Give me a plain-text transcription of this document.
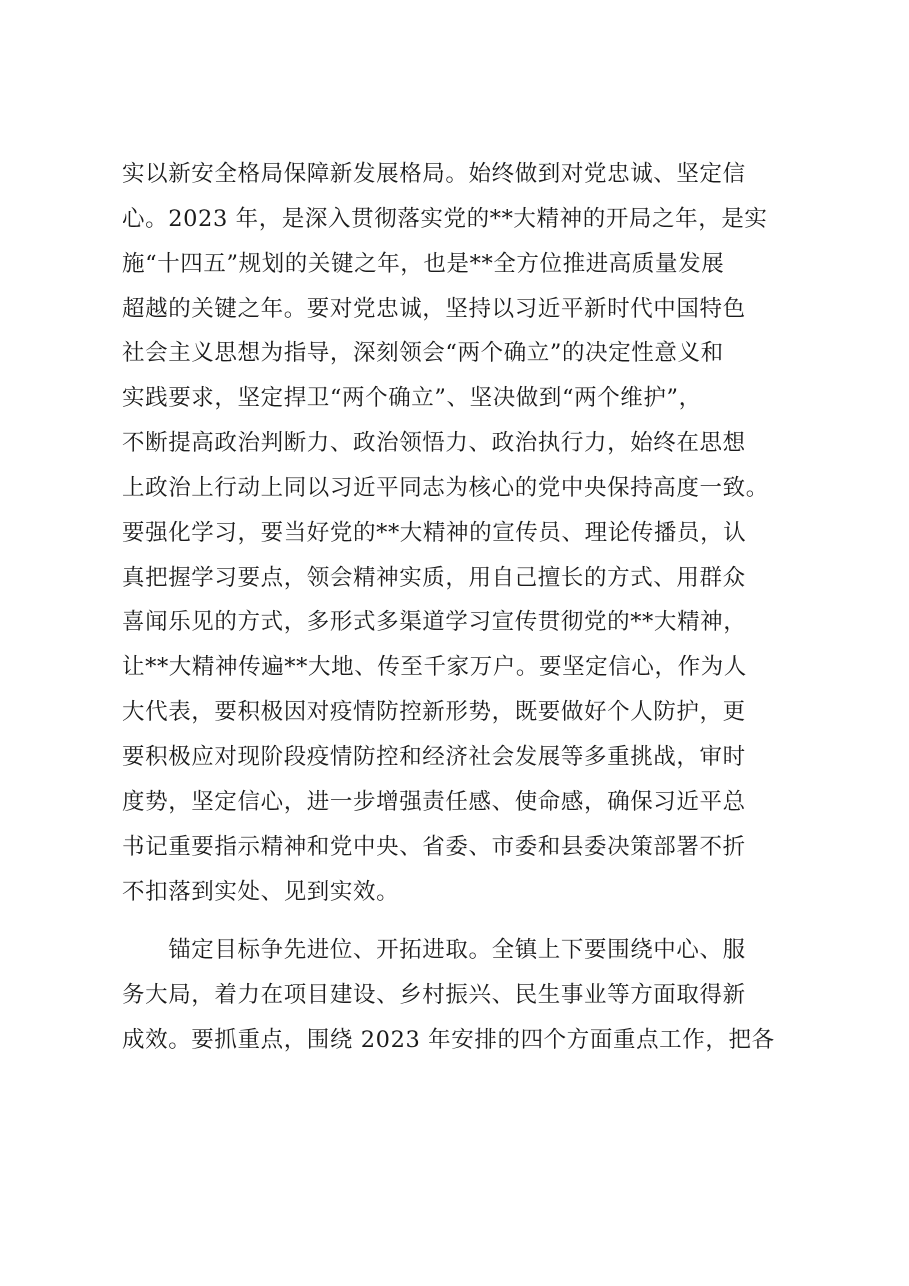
实以新安全格局保障新发展格局。始终做到对党忠诚、坚定信
心。2023 年，是深入贯彻落实党的**大精神的开局之年，是实
施“十四五”规划的关键之年，也是**全方位推进高质量发展
超越的关键之年。要对党忠诚，坚持以习近平新时代中国特色
社会主义思想为指导，深刻领会“两个确立”的决定性意义和
实践要求，坚定捍卫“两个确立”、坚决做到“两个维护”，
不断提高政治判断力、政治领悟力、政治执行力，始终在思想
上政治上行动上同以习近平同志为核心的党中央保持高度一致。
要强化学习，要当好党的**大精神的宣传员、理论传播员，认
真把握学习要点，领会精神实质，用自己擅长的方式、用群众
喜闻乐见的方式，多形式多渠道学习宣传贯彻党的**大精神，
让**大精神传遍**大地、传至千家万户。要坚定信心，作为人
大代表，要积极因对疫情防控新形势，既要做好个人防护，更
要积极应对现阶段疫情防控和经济社会发展等多重挑战，审时
度势，坚定信心，进一步增强责任感、使命感，确保习近平总
书记重要指示精神和党中央、省委、市委和县委决策部署不折
不扣落到实处、见到实效。
　　锚定目标争先进位、开拓进取。全镇上下要围绕中心、服
务大局，着力在项目建设、乡村振兴、民生事业等方面取得新
成效。要抓重点，围绕 2023 年安排的四个方面重点工作，把各
